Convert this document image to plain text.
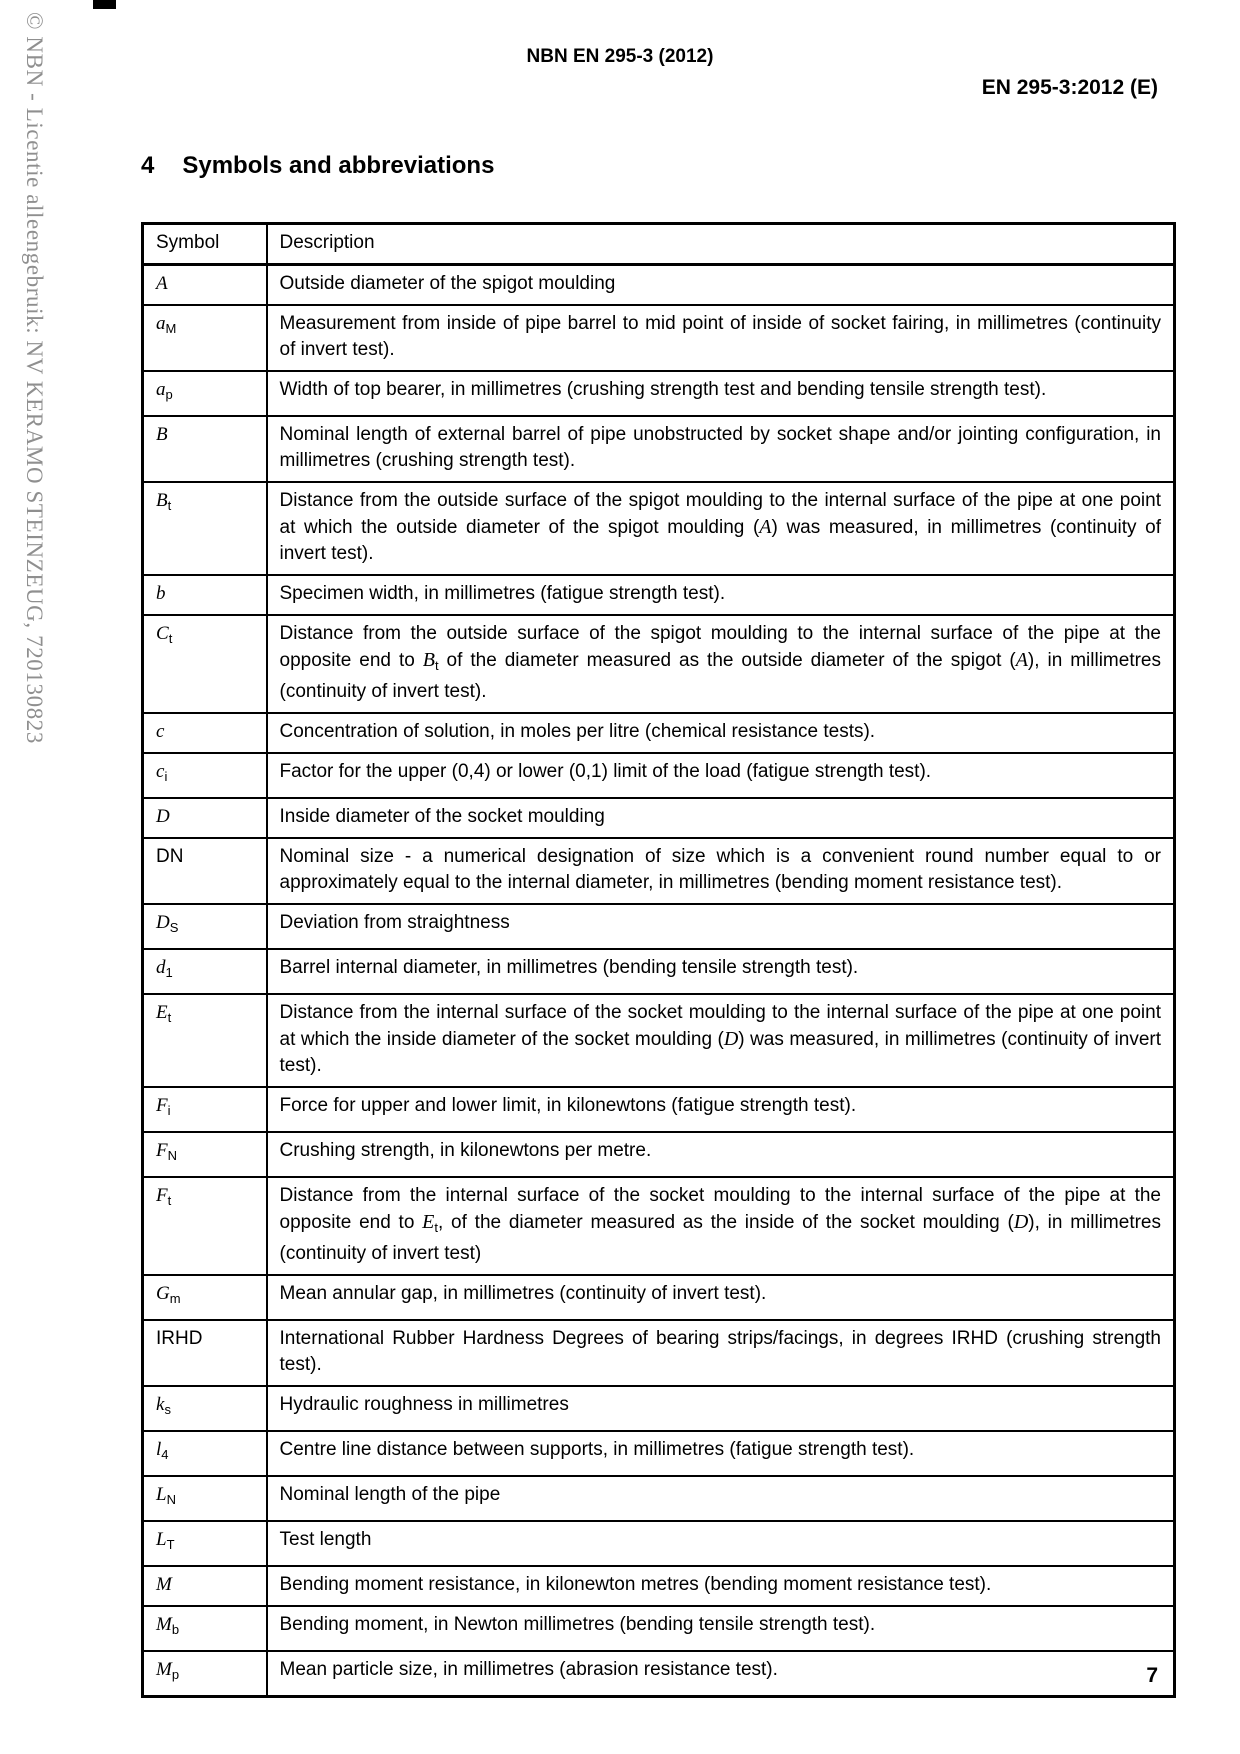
© NBN - Licentie alleengebruik: NV KERAMO STEINZEUG, 720130823	NBN EN 295-3 (2012)
EN 295-3:2012 (E)
4 Symbols and abbreviations
Symbol	Description
A	Outside diameter of the spigot moulding
$a_M$	Measurement from inside of pipe barrel to mid point of inside of socket fairing, in millimetres (continuity of invert test).
$a_p$	Width of top bearer, in millimetres (crushing strength test and bending tensile strength test).
B	Nominal length of external barrel of pipe unobstructed by socket shape and/or jointing configuration, in millimetres (crushing strength test).
$B_t$	Distance from the outside surface of the spigot moulding to the internal surface of the pipe at one point at which the outside diameter of the spigot moulding (A) was measured, in millimetres (continuity of invert test).
b	Specimen width, in millimetres (fatigue strength test).
$C_t$	Distance from the outside surface of the spigot moulding to the internal surface of the pipe at the opposite end to $B_t$ of the diameter measured as the outside diameter of the spigot (A), in millimetres (continuity of invert test).
c	Concentration of solution, in moles per litre (chemical resistance tests).
$c_i$	Factor for the upper (0,4) or lower (0,1) limit of the load (fatigue strength test).
D	Inside diameter of the socket moulding
DN	Nominal size - a numerical designation of size which is a convenient round number equal to or approximately equal to the internal diameter, in millimetres (bending moment resistance test).
$D_S$	Deviation from straightness
$d_1$	Barrel internal diameter, in millimetres (bending tensile strength test).
$E_t$	Distance from the internal surface of the socket moulding to the internal surface of the pipe at one point at which the inside diameter of the socket moulding (D) was measured, in millimetres (continuity of invert test).
$F_i$	Force for upper and lower limit, in kilonewtons (fatigue strength test).
$F_N$	Crushing strength, in kilonewtons per metre.
$F_t$	Distance from the internal surface of the socket moulding to the internal surface of the pipe at the opposite end to $E_t$, of the diameter measured as the inside of the socket moulding (D), in millimetres (continuity of invert test)
$G_m$	Mean annular gap, in millimetres (continuity of invert test).
IRHD	International Rubber Hardness Degrees of bearing strips/facings, in degrees IRHD (crushing strength test).
$k_s$	Hydraulic roughness in millimetres
$l_4$	Centre line distance between supports, in millimetres (fatigue strength test).
$L_N$	Nominal length of the pipe
$L_T$	Test length
M	Bending moment resistance, in kilonewton metres (bending moment resistance test).
$M_b$	Bending moment, in Newton millimetres (bending tensile strength test).
$M_p$	Mean particle size, in millimetres (abrasion resistance test).	7
